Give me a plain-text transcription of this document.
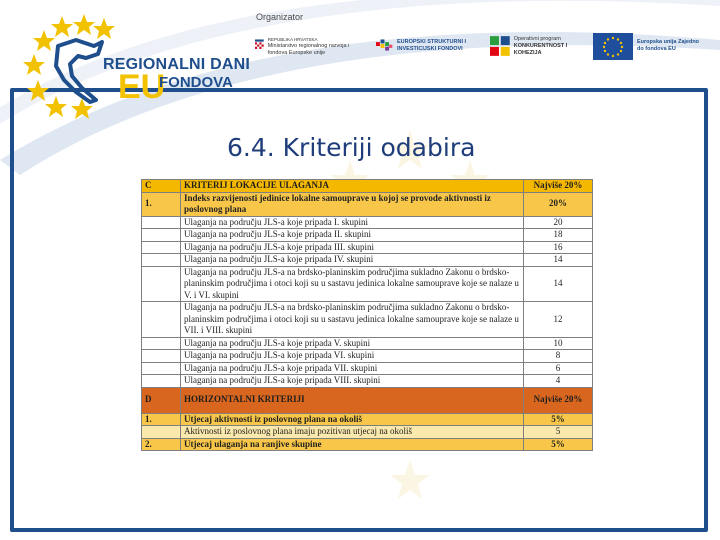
REGIONALNI DANI
EU
FONDOVA
Organizator
REPUBLIKA HRVATSKA
Ministarstvo regionalnog razvoja i fondova Europske unije
EUROPSKI STRUKTURNI I INVESTICIJSKI FONDOVI
Operativni program
KONKURENTNOST I KOHEZIJA
Europska unija Zajedno do fondova EU
6.4. Kriteriji odabira
C	KRITERIJ LOKACIJE ULAGANJA	Najviše 20%
1.	Indeks razvijenosti jedinice lokalne samouprave u kojoj se provode aktivnosti iz poslovnog plana	20%
	Ulaganja na području JLS-a koje pripada I. skupini	20
	Ulaganja na području JLS-a koje pripada II. skupini	18
	Ulaganja na području JLS-a koje pripada III. skupini	16
	Ulaganja na području JLS-a koje pripada IV. skupini	14
	Ulaganja na području JLS-a na brdsko-planinskim područjima sukladno Zakonu o brdsko-planinskim područjima i otoci koji su u sastavu jedinica lokalne samouprave koje se nalaze u V. i VI. skupini	14
	Ulaganja na području JLS-a na brdsko-planinskim područjima sukladno Zakonu o brdsko-planinskim područjima i otoci koji su u sastavu jedinica lokalne samouprave koje se nalaze u VII. i VIII. skupini	12
	Ulaganja na području JLS-a koje pripada V. skupini	10
	Ulaganja na području JLS-a koje pripada VI. skupini	8
	Ulaganja na području JLS-a koje pripada VII. skupini	6
	Ulaganja na području JLS-a koje pripada VIII. skupini	4
D	HORIZONTALNI KRITERIJI	Najviše 20%
1.	Utjecaj aktivnosti iz poslovnog plana na okoliš	5%
	Aktivnosti iz poslovnog plana imaju pozitivan utjecaj na okoliš	5
2.	Utjecaj ulaganja na ranjive skupine	5%
